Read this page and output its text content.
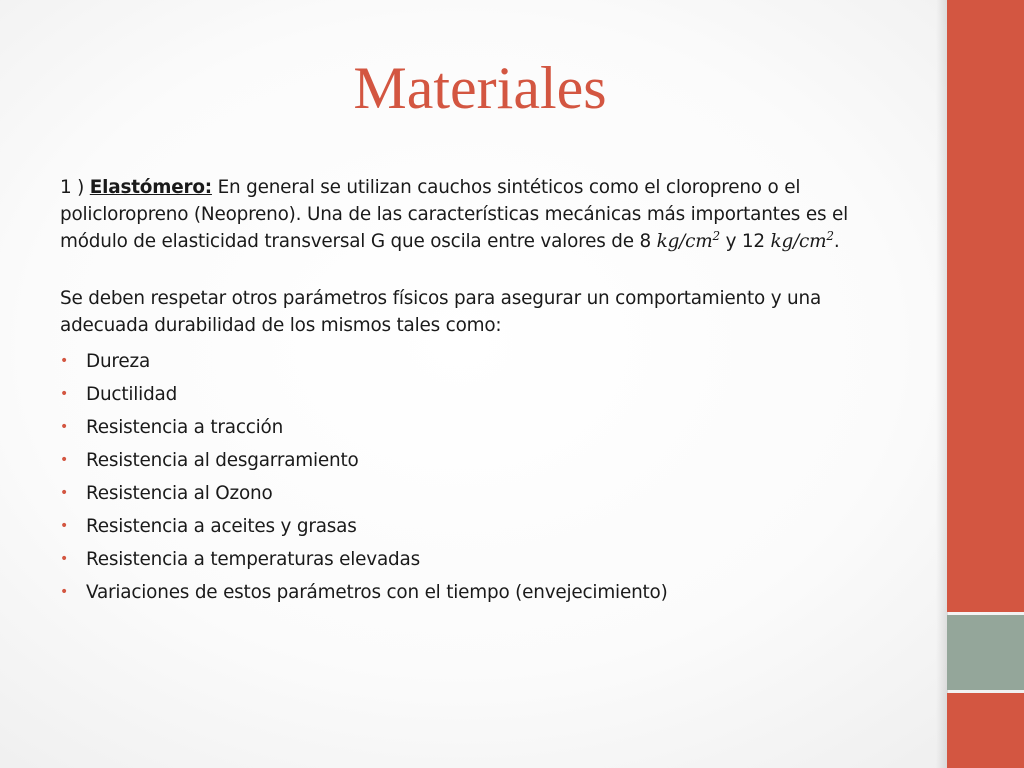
Materiales

1 ) Elastómero: En general se utilizan cauchos sintéticos como el cloropreno o el policloropreno (Neopreno). Una de las características mecánicas más importantes es el módulo de elasticidad transversal G que oscila entre valores de 8 $kg/cm^2$ y 12 $kg/cm^2$.

Se deben respetar otros parámetros físicos para asegurar un comportamiento y una adecuada durabilidad de los mismos tales como:

• Dureza
• Ductilidad
• Resistencia a tracción
• Resistencia al desgarramiento
• Resistencia al Ozono
• Resistencia a aceites y grasas
• Resistencia a temperaturas elevadas
• Variaciones de estos parámetros con el tiempo (envejecimiento)
